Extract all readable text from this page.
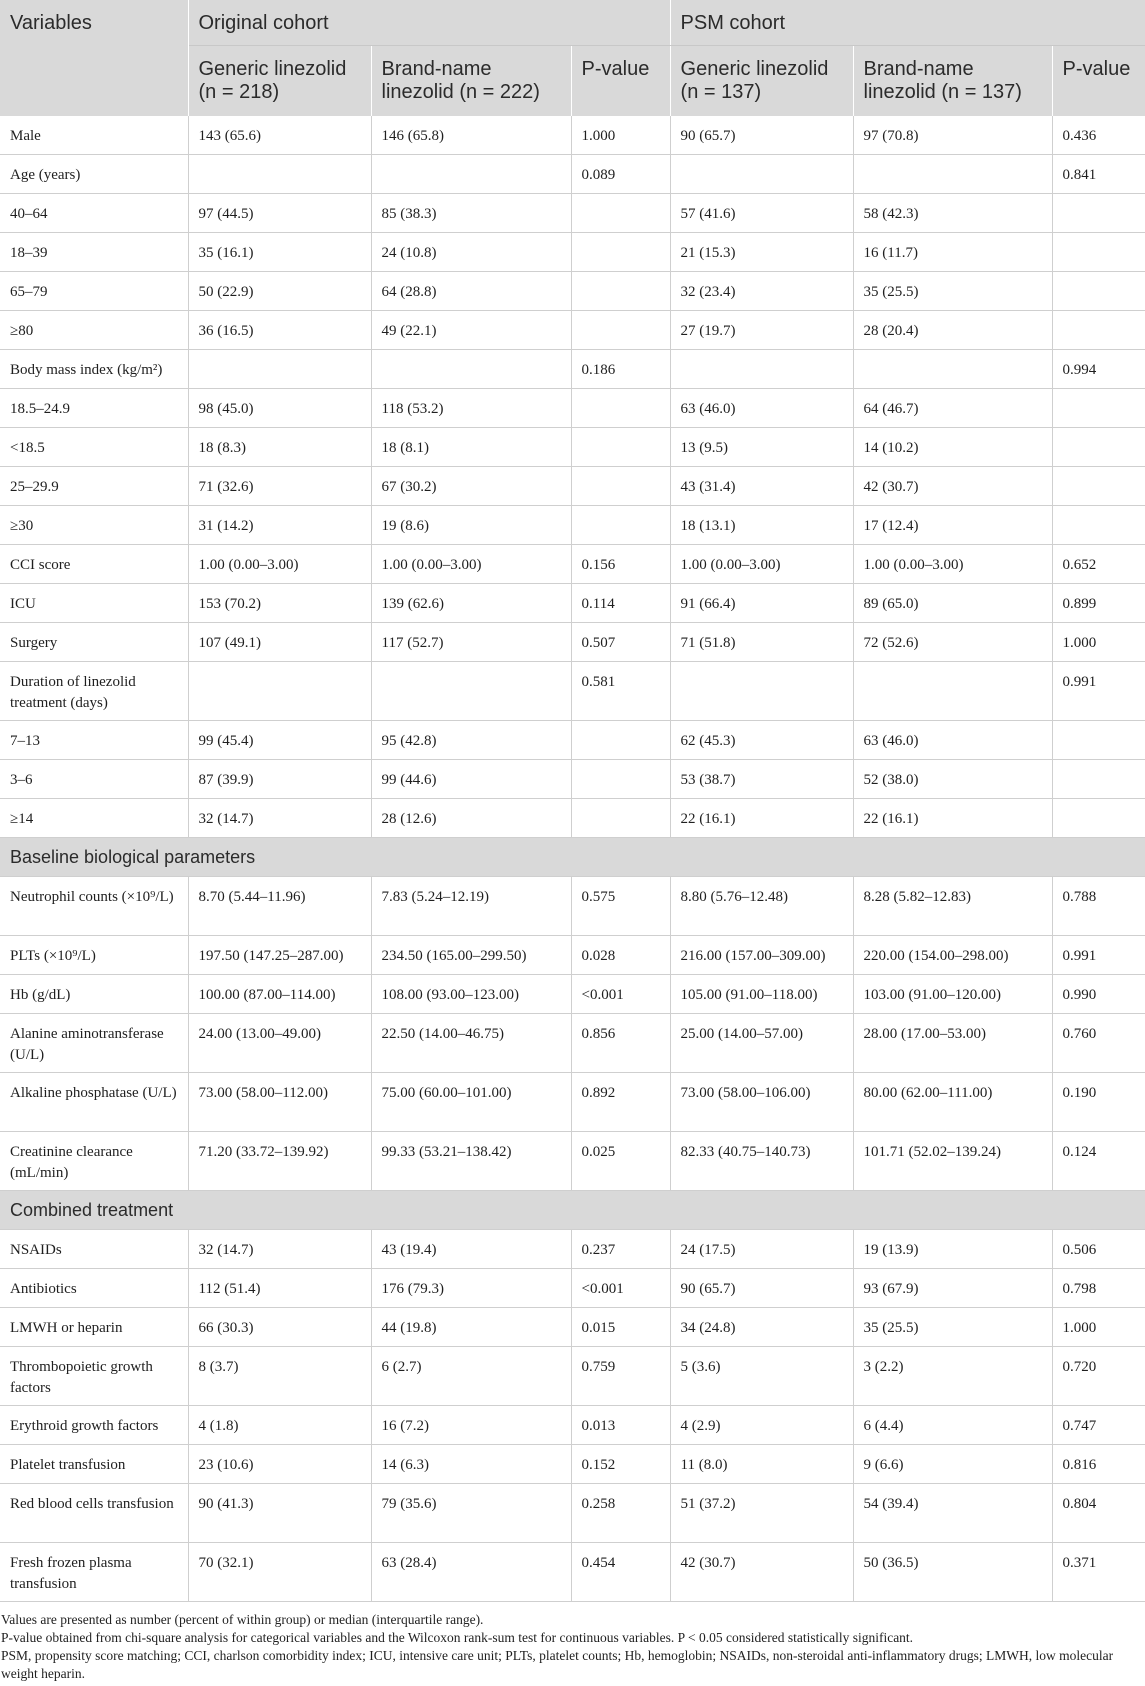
Variables	Original cohort			PSM cohort		
	Generic linezolid (n = 218)	Brand-name linezolid (n = 222)	P-value	Generic linezolid (n = 137)	Brand-name linezolid (n = 137)	P-value
Male	143 (65.6)	146 (65.8)	1.000	90 (65.7)	97 (70.8)	0.436
Age (years)			0.089			0.841
40–64	97 (44.5)	85 (38.3)		57 (41.6)	58 (42.3)	
18–39	35 (16.1)	24 (10.8)		21 (15.3)	16 (11.7)	
65–79	50 (22.9)	64 (28.8)		32 (23.4)	35 (25.5)	
≥80	36 (16.5)	49 (22.1)		27 (19.7)	28 (20.4)	
Body mass index (kg/m²)			0.186			0.994
18.5–24.9	98 (45.0)	118 (53.2)		63 (46.0)	64 (46.7)	
<18.5	18 (8.3)	18 (8.1)		13 (9.5)	14 (10.2)	
25–29.9	71 (32.6)	67 (30.2)		43 (31.4)	42 (30.7)	
≥30	31 (14.2)	19 (8.6)		18 (13.1)	17 (12.4)	
CCI score	1.00 (0.00–3.00)	1.00 (0.00–3.00)	0.156	1.00 (0.00–3.00)	1.00 (0.00–3.00)	0.652
ICU	153 (70.2)	139 (62.6)	0.114	91 (66.4)	89 (65.0)	0.899
Surgery	107 (49.1)	117 (52.7)	0.507	71 (51.8)	72 (52.6)	1.000
Duration of linezolid treatment (days)			0.581			0.991
7–13	99 (45.4)	95 (42.8)		62 (45.3)	63 (46.0)	
3–6	87 (39.9)	99 (44.6)		53 (38.7)	52 (38.0)	
≥14	32 (14.7)	28 (12.6)		22 (16.1)	22 (16.1)	
Baseline biological parameters						
Neutrophil counts (×10⁹/L)	8.70 (5.44–11.96)	7.83 (5.24–12.19)	0.575	8.80 (5.76–12.48)	8.28 (5.82–12.83)	0.788
PLTs (×10⁹/L)	197.50 (147.25–287.00)	234.50 (165.00–299.50)	0.028	216.00 (157.00–309.00)	220.00 (154.00–298.00)	0.991
Hb (g/dL)	100.00 (87.00–114.00)	108.00 (93.00–123.00)	<0.001	105.00 (91.00–118.00)	103.00 (91.00–120.00)	0.990
Alanine aminotransferase (U/L)	24.00 (13.00–49.00)	22.50 (14.00–46.75)	0.856	25.00 (14.00–57.00)	28.00 (17.00–53.00)	0.760
Alkaline phosphatase (U/L)	73.00 (58.00–112.00)	75.00 (60.00–101.00)	0.892	73.00 (58.00–106.00)	80.00 (62.00–111.00)	0.190
Creatinine clearance (mL/min)	71.20 (33.72–139.92)	99.33 (53.21–138.42)	0.025	82.33 (40.75–140.73)	101.71 (52.02–139.24)	0.124
Combined treatment						
NSAIDs	32 (14.7)	43 (19.4)	0.237	24 (17.5)	19 (13.9)	0.506
Antibiotics	112 (51.4)	176 (79.3)	<0.001	90 (65.7)	93 (67.9)	0.798
LMWH or heparin	66 (30.3)	44 (19.8)	0.015	34 (24.8)	35 (25.5)	1.000
Thrombopoietic growth factors	8 (3.7)	6 (2.7)	0.759	5 (3.6)	3 (2.2)	0.720
Erythroid growth factors	4 (1.8)	16 (7.2)	0.013	4 (2.9)	6 (4.4)	0.747
Platelet transfusion	23 (10.6)	14 (6.3)	0.152	11 (8.0)	9 (6.6)	0.816
Red blood cells transfusion	90 (41.3)	79 (35.6)	0.258	51 (37.2)	54 (39.4)	0.804
Fresh frozen plasma transfusion	70 (32.1)	63 (28.4)	0.454	42 (30.7)	50 (36.5)	0.371

Values are presented as number (percent of within group) or median (interquartile range).

P-value obtained from chi-square analysis for categorical variables and the Wilcoxon rank-sum test for continuous variables. P < 0.05 considered statistically significant.

PSM, propensity score matching; CCI, charlson comorbidity index; ICU, intensive care unit; PLTs, platelet counts; Hb, hemoglobin; NSAIDs, non-steroidal anti-inflammatory drugs; LMWH, low molecular weight heparin.
